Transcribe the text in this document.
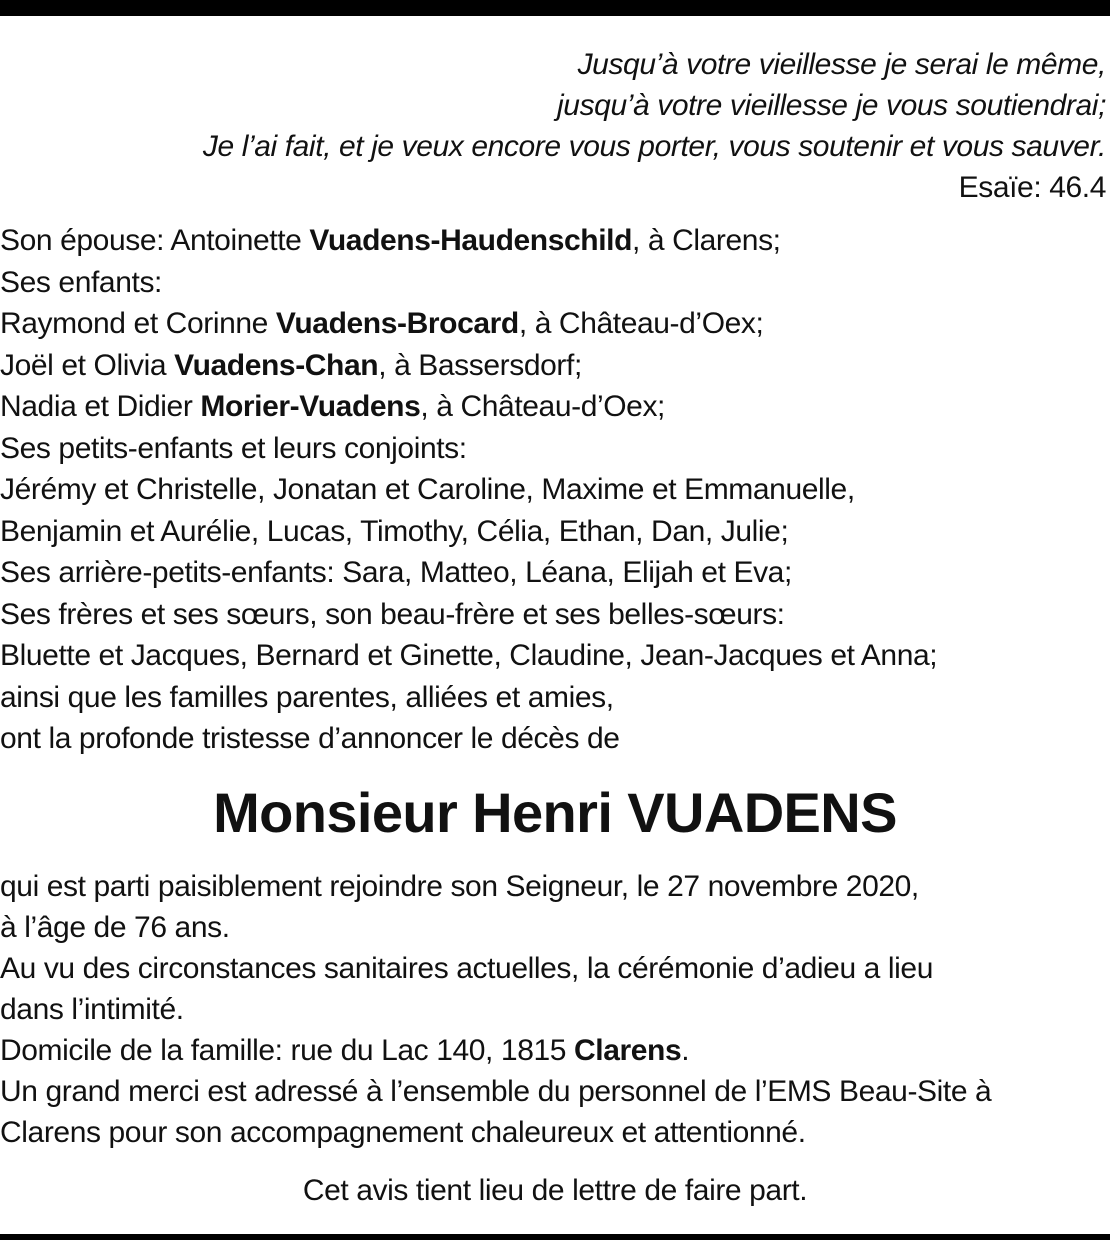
Jusqu’à votre vieillesse je serai le même,
jusqu’à votre vieillesse je vous soutiendrai;
Je l’ai fait, et je veux encore vous porter, vous soutenir et vous sauver.
Esaïe: 46.4
Son épouse: Antoinette Vuadens-Haudenschild, à Clarens;
Ses enfants:
Raymond et Corinne Vuadens-Brocard, à Château-d’Oex;
Joël et Olivia Vuadens-Chan, à Bassersdorf;
Nadia et Didier Morier-Vuadens, à Château-d’Oex;
Ses petits-enfants et leurs conjoints:
Jérémy et Christelle, Jonatan et Caroline, Maxime et Emmanuelle,
Benjamin et Aurélie, Lucas, Timothy, Célia, Ethan, Dan, Julie;
Ses arrière-petits-enfants: Sara, Matteo, Léana, Elijah et Eva;
Ses frères et ses sœurs, son beau-frère et ses belles-sœurs:
Bluette et Jacques, Bernard et Ginette, Claudine, Jean-Jacques et Anna;
ainsi que les familles parentes, alliées et amies,
ont la profonde tristesse d’annoncer le décès de
Monsieur Henri VUADENS
qui est parti paisiblement rejoindre son Seigneur, le 27 novembre 2020,
à l’âge de 76 ans.
Au vu des circonstances sanitaires actuelles, la cérémonie d’adieu a lieu
dans l’intimité.
Domicile de la famille: rue du Lac 140, 1815 Clarens.
Un grand merci est adressé à l’ensemble du personnel de l’EMS Beau-Site à
Clarens pour son accompagnement chaleureux et attentionné.
Cet avis tient lieu de lettre de faire part.
